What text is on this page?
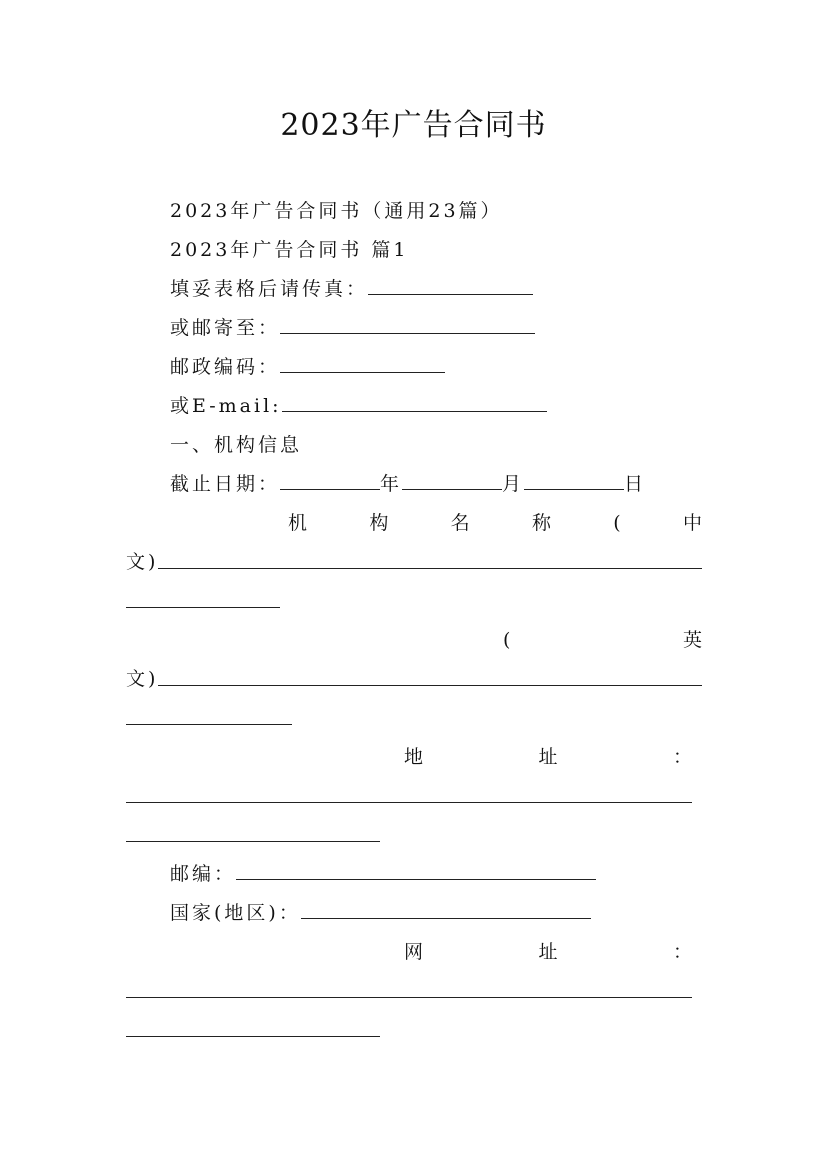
2023年广告合同书
2023年广告合同书（通用23篇）
2023年广告合同书 篇1
填妥表格后请传真：
或邮寄至：
邮政编码：
或E-mail:
一、机构信息
截止日期：	年	月	日
机	构	名	称	(	中
文)
(	英
文)
地	址	：
邮编：
国家(地区)：
网	址	：
